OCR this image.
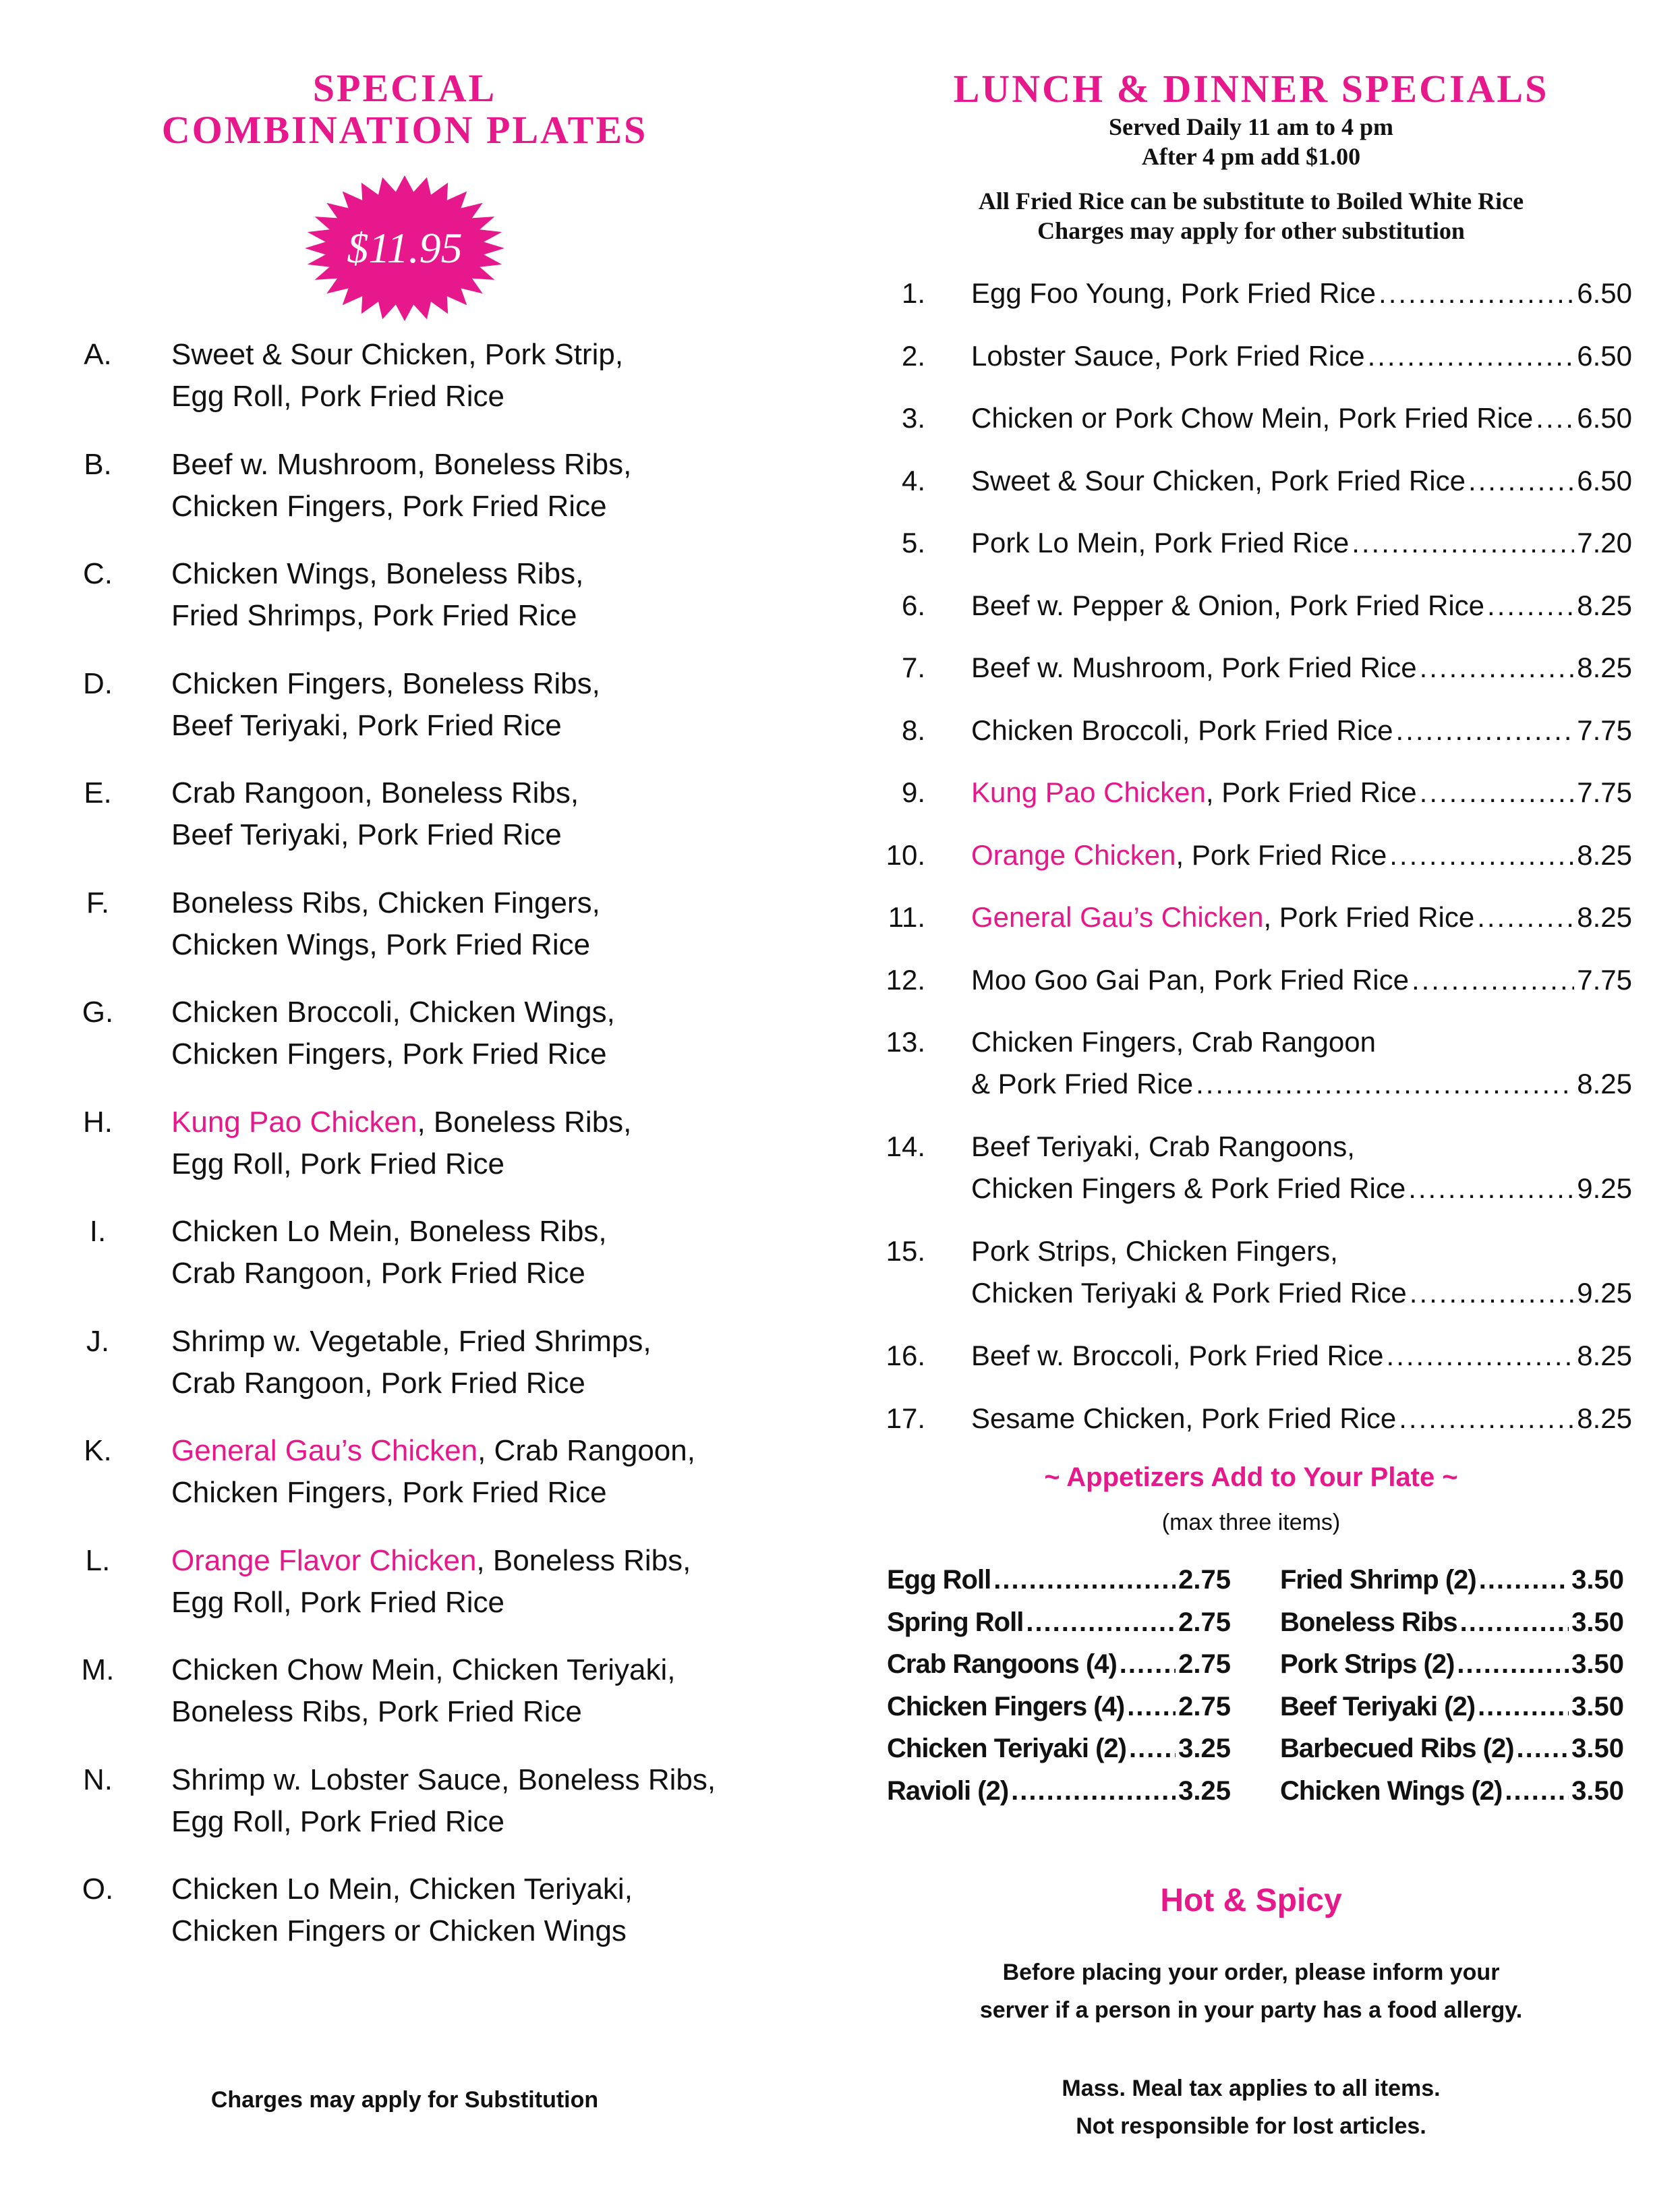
SPECIAL
COMBINATION PLATES
$11.95
A.	Sweet & Sour Chicken, Pork Strip,
Egg Roll, Pork Fried Rice
B.	Beef w. Mushroom, Boneless Ribs,
Chicken Fingers, Pork Fried Rice
C.	Chicken Wings, Boneless Ribs,
Fried Shrimps, Pork Fried Rice
D.	Chicken Fingers, Boneless Ribs,
Beef Teriyaki, Pork Fried Rice
E.	Crab Rangoon, Boneless Ribs,
Beef Teriyaki, Pork Fried Rice
F.	Boneless Ribs, Chicken Fingers,
Chicken Wings, Pork Fried Rice
G.	Chicken Broccoli, Chicken Wings,
Chicken Fingers, Pork Fried Rice
H.	Kung Pao Chicken, Boneless Ribs,
Egg Roll, Pork Fried Rice
I.	Chicken Lo Mein, Boneless Ribs,
Crab Rangoon, Pork Fried Rice
J.	Shrimp w. Vegetable, Fried Shrimps,
Crab Rangoon, Pork Fried Rice
K.	General Gau’s Chicken, Crab Rangoon,
Chicken Fingers, Pork Fried Rice
L.	Orange Flavor Chicken, Boneless Ribs,
Egg Roll, Pork Fried Rice
M.	Chicken Chow Mein, Chicken Teriyaki,
Boneless Ribs, Pork Fried Rice
N.	Shrimp w. Lobster Sauce, Boneless Ribs,
Egg Roll, Pork Fried Rice
O.	Chicken Lo Mein, Chicken Teriyaki,
Chicken Fingers or Chicken Wings
Charges may apply for Substitution
LUNCH & DINNER SPECIALS
Served Daily 11 am to 4 pm
After 4 pm add $1.00
All Fried Rice can be substitute to Boiled White Rice
Charges may apply for other substitution
1. Egg Foo Young, Pork Fried Rice .....	6.50
2. Lobster Sauce, Pork Fried Rice .....	6.50
3. Chicken or Pork Chow Mein, Pork Fried Rice ..... 6.50
4. Sweet & Sour Chicken, Pork Fried Rice .....	6.50
5. Pork Lo Mein, Pork Fried Rice .....	7.20
6. Beef w. Pepper & Onion, Pork Fried Rice .....	8.25
7. Beef w. Mushroom, Pork Fried Rice .....	8.25
8. Chicken Broccoli, Pork Fried Rice .....	7.75
9. Kung Pao Chicken , Pork Fried Rice .....	7.75
10. Orange Chicken , Pork Fried Rice .....	8.25
11. General Gau’s Chicken , Pork Fried Rice .....	8.25
12. Moo Goo Gai Pan, Pork Fried Rice .....	7.75
13. Chicken Fingers, Crab Rangoon
& Pork Fried Rice .....	8.25
14. Beef Teriyaki, Crab Rangoons,
Chicken Fingers & Pork Fried Rice .....	9.25
15. Pork Strips, Chicken Fingers,
Chicken Teriyaki & Pork Fried Rice .....	9.25
16. Beef w. Broccoli, Pork Fried Rice .....	8.25
17. Sesame Chicken, Pork Fried Rice .....	8.25
~ Appetizers Add to Your Plate ~
(max three items)
Egg Roll .....	2.75
Spring Roll .....	2.75
Crab Rangoons (4) ..... 2.75
Chicken Fingers (4) ..... 2.75
Chicken Teriyaki (2) ..... 3.25
Ravioli (2) .....	3.25
Fried Shrimp (2) .....	3.50
Boneless Ribs .....	3.50
Pork Strips (2) .....	3.50
Beef Teriyaki (2) .....	3.50
Barbecued Ribs (2) ..... 3.50
Chicken Wings (2) .....	3.50
Hot & Spicy
Before placing your order, please inform your
server if a person in your party has a food allergy.
Mass. Meal tax applies to all items.
Not responsible for lost articles.
